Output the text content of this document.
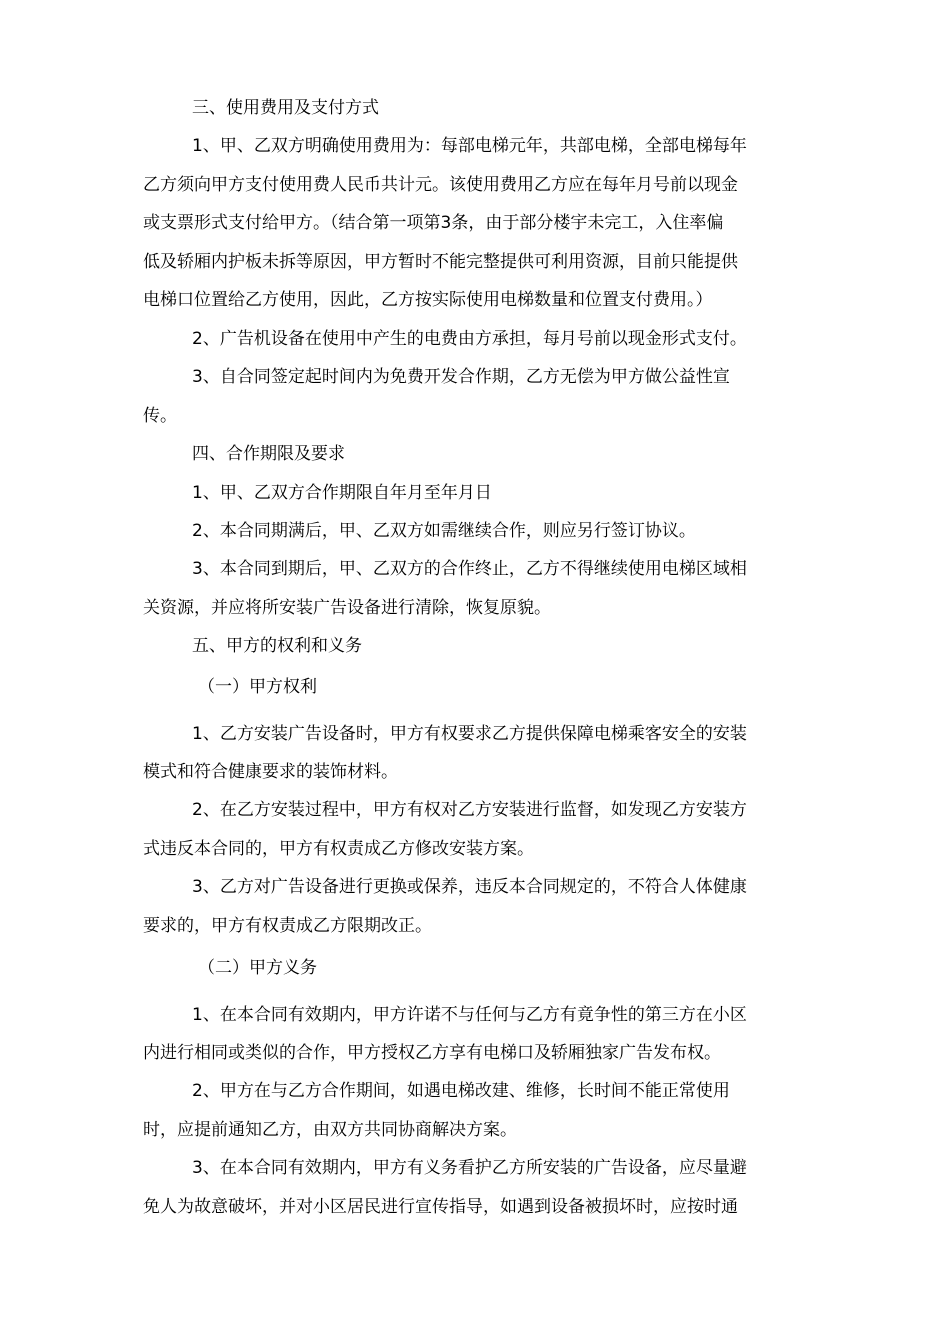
三、使用费用及支付方式
1、甲、乙双方明确使用费用为：每部电梯元年，共部电梯，全部电梯每年
乙方须向甲方支付使用费人民币共计元。该使用费用乙方应在每年月号前以现金
或支票形式支付给甲方。（结合第一项第3条，由于部分楼宇未完工，入住率偏
低及轿厢内护板未拆等原因，甲方暂时不能完整提供可利用资源，目前只能提供
电梯口位置给乙方使用，因此，乙方按实际使用电梯数量和位置支付费用。）
2、广告机设备在使用中产生的电费由方承担，每月号前以现金形式支付。
3、自合同签定起时间内为免费开发合作期，乙方无偿为甲方做公益性宣
传。
四、合作期限及要求
1、甲、乙双方合作期限自年月至年月日
2、本合同期满后，甲、乙双方如需继续合作，则应另行签订协议。
3、本合同到期后，甲、乙双方的合作终止，乙方不得继续使用电梯区域相
关资源，并应将所安装广告设备进行清除，恢复原貌。
五、甲方的权利和义务
（一）甲方权利
1、乙方安装广告设备时，甲方有权要求乙方提供保障电梯乘客安全的安装
模式和符合健康要求的装饰材料。
2、在乙方安装过程中，甲方有权对乙方安装进行监督，如发现乙方安装方
式违反本合同的，甲方有权责成乙方修改安装方案。
3、乙方对广告设备进行更换或保养，违反本合同规定的，不符合人体健康
要求的，甲方有权责成乙方限期改正。
（二）甲方义务
1、在本合同有效期内，甲方许诺不与任何与乙方有竟争性的第三方在小区
内进行相同或类似的合作，甲方授权乙方享有电梯口及轿厢独家广告发布权。
2、甲方在与乙方合作期间，如遇电梯改建、维修，长时间不能正常使用
时，应提前通知乙方，由双方共同协商解决方案。
3、在本合同有效期内，甲方有义务看护乙方所安装的广告设备，应尽量避
免人为故意破坏，并对小区居民进行宣传指导，如遇到设备被损坏时，应按时通
